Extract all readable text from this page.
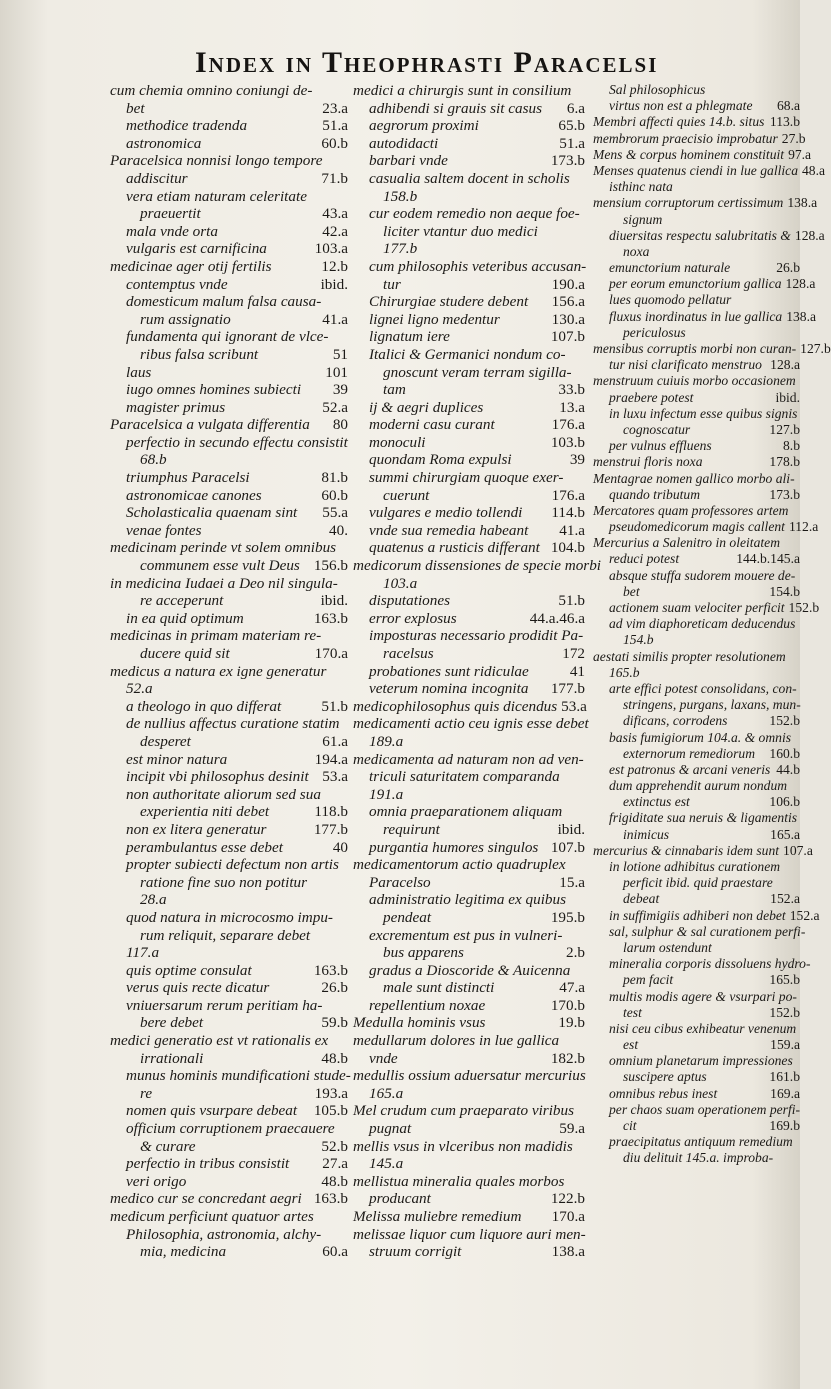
Index in Theophrasti Paracelsi
cum chemia omnino coniungi de-
bet	23.a
methodice tradenda	51.a
astronomica	60.b
Paracelsica nonnisi longo tempore
addiscitur	71.b
vera etiam naturam celeritate
praeuertit	43.a
mala vnde orta	42.a
vulgaris est carnificina	103.a
medicinae ager otij fertilis	12.b
contemptus vnde	ibid.
domesticum malum falsa causa-
rum assignatio	41.a
fundamenta qui ignorant de vlce-
ribus falsa scribunt	51
laus	101
iugo omnes homines subiecti 39
magister primus	52.a
Paracelsica a vulgata differentia 80
perfectio in secundo effectu consistit
68.b
triumphus Paracelsi	81.b
astronomicae canones	60.b
Scholasticalia quaenam sint 55.a
venae fontes	40.
medicinam perinde vt solem omnibus
communem esse vult Deus 156.b
in medicina Iudaei a Deo nil singula-
re acceperunt	ibid.
in ea quid optimum	163.b
medicinas in primam materiam re-
ducere quid sit	170.a
medicus a natura ex igne generatur
52.a
a theologo in quo differat	51.b
de nullius affectus curatione statim
desperet	61.a
est minor natura	194.a
incipit vbi philosophus desinit 53.a
non authoritate aliorum sed sua
experientia niti debet	118.b
non ex litera generatur	177.b
perambulantus esse debet	40
propter subiecti defectum non artis
ratione fine suo non potitur
28.a
quod natura in microcosmo impu-
rum reliquit, separare debet
117.a
quis optime consulat	163.b
verus quis recte dicatur	26.b
vniuersarum rerum peritiam ha-
bere debet	59.b
medici generatio est vt rationalis ex
irrationali	48.b
munus hominis mundificationi stude-
re	193.a
nomen quis vsurpare debeat 105.b
officium corruptionem praecauere
& curare	52.b
perfectio in tribus consistit 27.a
veri origo	48.b
medico cur se concredant aegri 163.b
medicum perficiunt quatuor artes
Philosophia, astronomia, alchy-
mia, medicina	60.a
medici a chirurgis sunt in consilium
adhibendi si grauis sit casus 6.a
aegrorum proximi	65.b
autodidacti	51.a
barbari vnde	173.b
casualia saltem docent in scholis
158.b
cur eodem remedio non aeque foe-
liciter vtantur duo medici
177.b
cum philosophis veteribus accusan-
tur	190.a
Chirurgiae studere debent 156.a
lignei ligno medentur	130.a
lignatum iere	107.b
Italici & Germanici nondum co-
gnoscunt veram terram sigilla-
tam	33.b
ij & aegri duplices	13.a
moderni casu curant	176.a
monoculi	103.b
quondam Roma expulsi	39
summi chirurgiam quoque exer-
cuerunt	176.a
vulgares e medio tollendi 114.b
vnde sua remedia habeant 41.a
quatenus a rusticis differant 104.b
medicorum dissensiones de specie morbi
103.a
disputationes	51.b
error explosus	44.a.46.a
imposturas necessario prodidit Pa-
racelsus	172
probationes sunt ridiculae	41
veterum nomina incognita 177.b
medicophilosophus quis dicendus 53.a
medicamenti actio ceu ignis esse debet
189.a
medicamenta ad naturam non ad ven-
triculi saturitatem comparanda
191.a
omnia praeparationem aliquam
requirunt	ibid.
purgantia humores singulos 107.b
medicamentorum actio quadruplex
Paracelso	15.a
administratio legitima ex quibus
pendeat	195.b
excrementum est pus in vulneri-
bus apparens	2.b
gradus a Dioscoride & Auicenna
male sunt distincti	47.a
repellentium noxae	170.b
Medulla hominis vsus	19.b
medullarum dolores in lue gallica
vnde	182.b
medullis ossium aduersatur mercurius
165.a
Mel crudum cum praeparato viribus
pugnat	59.a
mellis vsus in vlceribus non madidis
145.a
mellistua mineralia quales morbos
producant	122.b
Melissa muliebre remedium 170.a
melissae liquor cum liquore auri men-
struum corrigit	138.a
Sal philosophicus
virtus non est a phlegmate 68.a
Membri affecti quies 14.b. situs 113.b
membrorum praecisio improbatur 27.b
Mens & corpus hominem constituit 97.a
Menses quatenus ciendi in lue gallica 48.a
isthinc nata
mensium corruptorum certissimum 138.a
signum
diuersitas respectu salubritatis & 128.a
noxa
emunctorium naturale	26.b
per eorum emunctorium gallica 128.a
lues quomodo pellatur
fluxus inordinatus in lue gallica 138.a
periculosus
mensibus corruptis morbi non curan- 127.b
tur nisi clarificato menstruo 128.a
menstruum cuiuis morbo occasionem
praebere potest	ibid.
in luxu infectum esse quibus signis
cognoscatur	127.b
per vulnus effluens	8.b
menstrui floris noxa	178.b
Mentagrae nomen gallico morbo ali-
quando tributum	173.b
Mercatores quam professores artem
pseudomedicorum magis callent 112.a
Mercurius a Salenitro in oleitatem
reduci potest	144.b.145.a
absque stuffa sudorem mouere de-
bet	154.b
actionem suam velociter perficit 152.b
ad vim diaphoreticam deducendus
154.b
aestati similis propter resolutionem
165.b
arte effici potest consolidans, con-
stringens, purgans, laxans, mun-
dificans, corrodens	152.b
basis fumigiorum 104.a. & omnis
externorum remediorum 160.b
est patronus & arcani veneris 44.b
dum apprehendit aurum nondum
extinctus est	106.b
frigiditate sua neruis & ligamentis
inimicus	165.a
mercurius & cinnabaris idem sunt 107.a
in lotione adhibitus curationem
perficit ibid. quid praestare
debeat	152.a
in suffimigiis adhiberi non debet 152.a
sal, sulphur & sal curationem perfi-
larum ostendunt
mineralia corporis dissoluens hydro-
pem facit	165.b
multis modis agere & vsurpari po-
test	152.b
nisi ceu cibus exhibeatur venenum
est	159.a
omnium planetarum impressiones
suscipere aptus	161.b
omnibus rebus inest	169.a
per chaos suam operationem perfi-
cit	169.b
praecipitatus antiquum remedium
diu delituit 145.a. improba-
